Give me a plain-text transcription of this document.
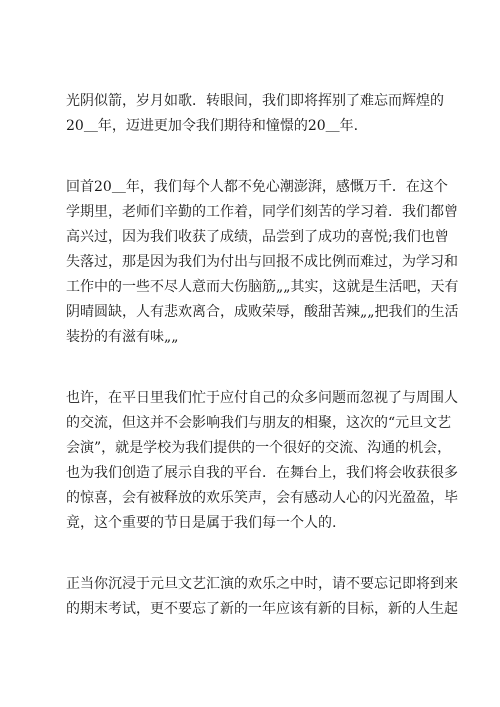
光阴似箭，岁月如歌．转眼间，我们即将挥别了难忘而辉煌的
20＿年，迈进更加令我们期待和憧憬的20＿年.

回首20＿年，我们每个人都不免心潮澎湃，感慨万千．在这个
学期里，老师们辛勤的工作着，同学们刻苦的学习着．我们都曾
高兴过，因为我们收获了成绩，品尝到了成功的喜悦;我们也曾
失落过，那是因为我们为付出与回报不成比例而难过，为学习和
工作中的一些不尽人意而大伤脑筋„„其实，这就是生活吧，天有
阴晴圆缺，人有悲欢离合，成败荣辱，酸甜苦辣„„把我们的生活
装扮的有滋有味„„

也许，在平日里我们忙于应付自己的众多问题而忽视了与周围人
的交流，但这并不会影响我们与朋友的相聚，这次的“元旦文艺
会演”，就是学校为我们提供的一个很好的交流、沟通的机会，
也为我们创造了展示自我的平台．在舞台上，我们将会收获很多
的惊喜，会有被释放的欢乐笑声，会有感动人心的闪光盈盈，毕
竟，这个重要的节日是属于我们每一个人的.

正当你沉浸于元旦文艺汇演的欢乐之中时，请不要忘记即将到来
的期末考试，更不要忘了新的一年应该有新的目标，新的人生起
